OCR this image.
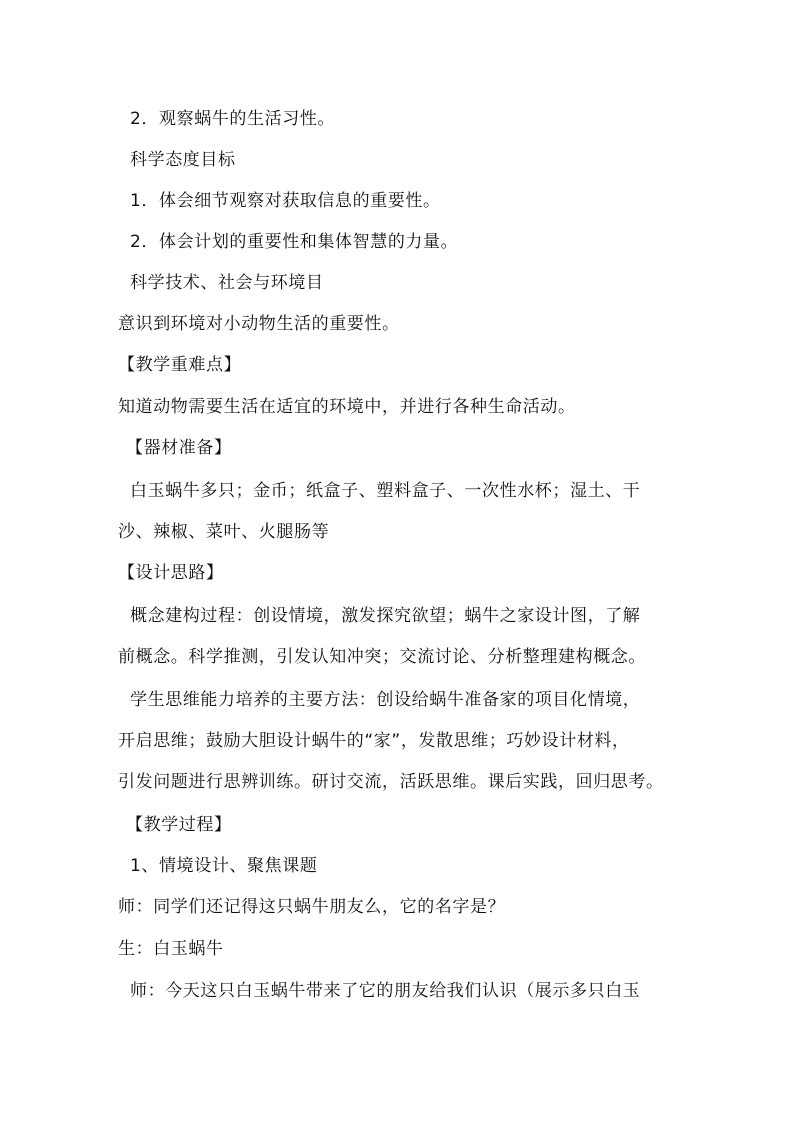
2．观察蜗牛的生活习性。
科学态度目标
1．体会细节观察对获取信息的重要性。
2．体会计划的重要性和集体智慧的力量。
科学技术、社会与环境目
意识到环境对小动物生活的重要性。
【教学重难点】
知道动物需要生活在适宜的环境中，并进行各种生命活动。
【器材准备】
白玉蜗牛多只；金币；纸盒子、塑料盒子、一次性水杯；湿土、干
沙、辣椒、菜叶、火腿肠等
【设计思路】
概念建构过程：创设情境，激发探究欲望；蜗牛之家设计图，了解
前概念。科学推测，引发认知冲突；交流讨论、分析整理建构概念。
学生思维能力培养的主要方法：创设给蜗牛准备家的项目化情境，
开启思维；鼓励大胆设计蜗牛的“家”，发散思维；巧妙设计材料，
引发问题进行思辨训练。研讨交流，活跃思维。课后实践，回归思考。
【教学过程】
1、情境设计、聚焦课题
师：同学们还记得这只蜗牛朋友么，它的名字是？
生：白玉蜗牛
师：今天这只白玉蜗牛带来了它的朋友给我们认识（展示多只白玉
